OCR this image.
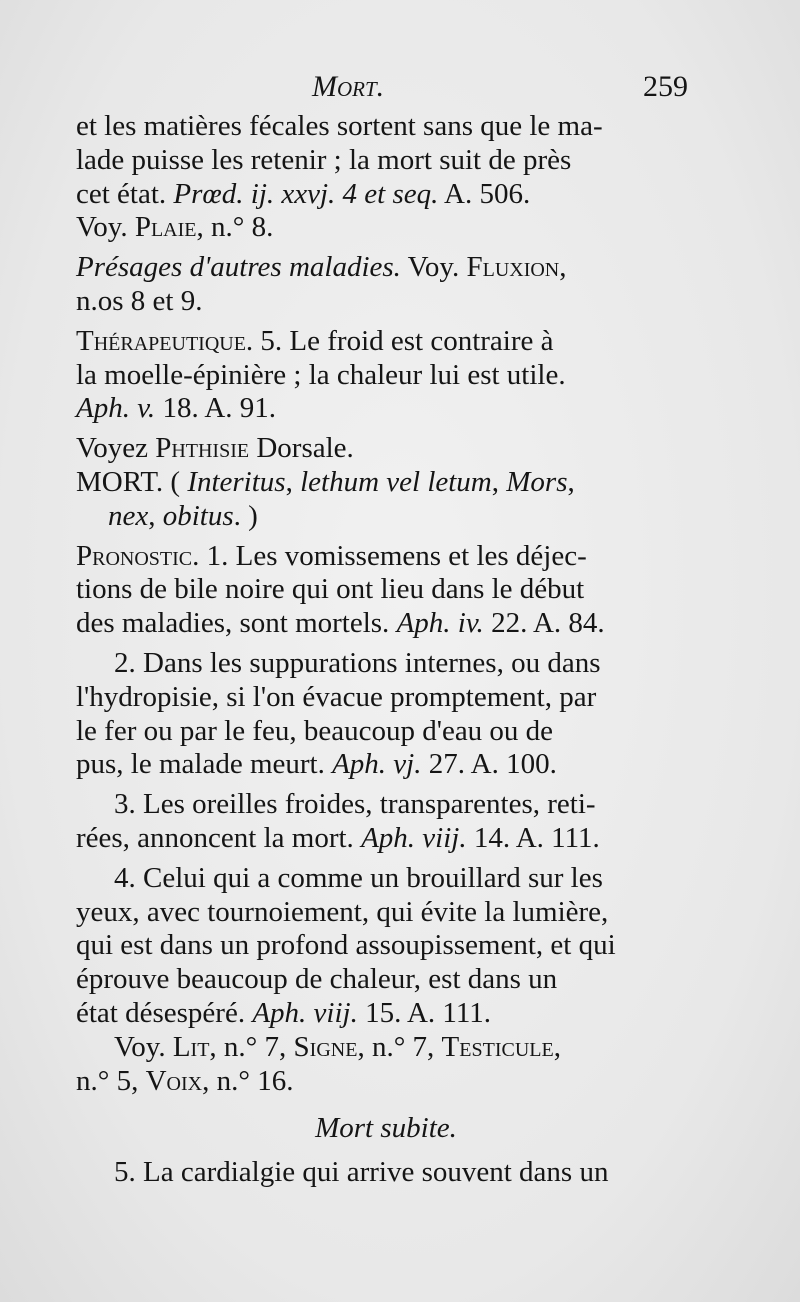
Mort.	259

et les matières fécales sortent sans que le ma-

lade puisse les retenir ; la mort suit de près

cet état. Prœd. ij. xxvj. 4 et seq. A. 506.

Voy. Plaie, n.° 8.

Présages d'autres maladies. Voy. Fluxion,

n.os 8 et 9.

Thérapeutique. 5. Le froid est contraire à

la moelle-épinière ; la chaleur lui est utile.

Aph. v. 18. A. 91.

Voyez Phthisie Dorsale.

MORT. ( Interitus, lethum vel letum, Mors,

nex, obitus. )

Pronostic. 1. Les vomissemens et les déjec-

tions de bile noire qui ont lieu dans le début

des maladies, sont mortels. Aph. iv. 22. A. 84.

2. Dans les suppurations internes, ou dans

l'hydropisie, si l'on évacue promptement, par

le fer ou par le feu, beaucoup d'eau ou de

pus, le malade meurt. Aph. vj. 27. A. 100.

3. Les oreilles froides, transparentes, reti-

rées, annoncent la mort. Aph. viij. 14. A. 111.

4. Celui qui a comme un brouillard sur les

yeux, avec tournoiement, qui évite la lumière,

qui est dans un profond assoupissement, et qui

éprouve beaucoup de chaleur, est dans un

état désespéré. Aph. viij. 15. A. 111.

Voy. Lit, n.° 7, Signe, n.° 7, Testicule,

n.° 5, Voix, n.° 16.

Mort subite.

5. La cardialgie qui arrive souvent dans un
